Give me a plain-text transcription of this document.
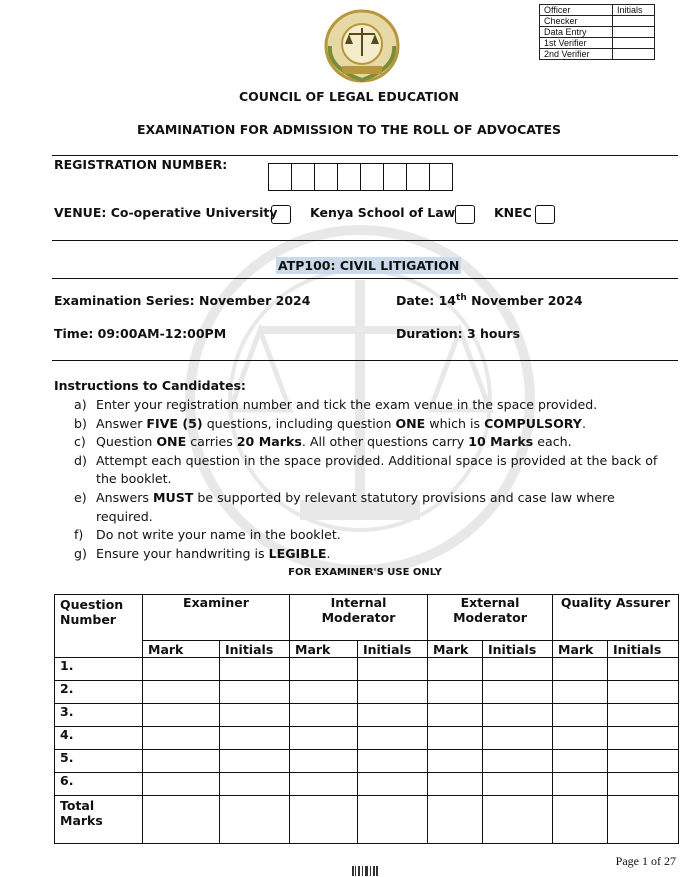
Officer	Initials
Checker	
Data Entry	
1st Verifier	
2nd Verifier	
COUNCIL OF LEGAL EDUCATION
EXAMINATION FOR ADMISSION TO THE ROLL OF ADVOCATES
REGISTRATION NUMBER:
VENUE: Co-operative University	Kenya School of Law	KNEC
ATP100: CIVIL LITIGATION
Examination Series: November 2024	Date: 14th November 2024
Time: 09:00AM-12:00PM	Duration: 3 hours
Instructions to Candidates:
a) Enter your registration number and tick the exam venue in the space provided.
b) Answer FIVE (5) questions, including question ONE which is COMPULSORY.
c) Question ONE carries 20 Marks. All other questions carry 10 Marks each.
d) Attempt each question in the space provided. Additional space is provided at the back of the booklet.
e) Answers MUST be supported by relevant statutory provisions and case law where required.
f) Do not write your name in the booklet.
g) Ensure your handwriting is LEGIBLE.
FOR EXAMINER'S USE ONLY
Question Number	Examiner		Internal Moderator		External Moderator		Quality Assurer	
	Mark	Initials	Mark	Initials	Mark	Initials	Mark	Initials
1.								
2.								
3.								
4.								
5.								
6.								
Total Marks								
Page 1 of 27
